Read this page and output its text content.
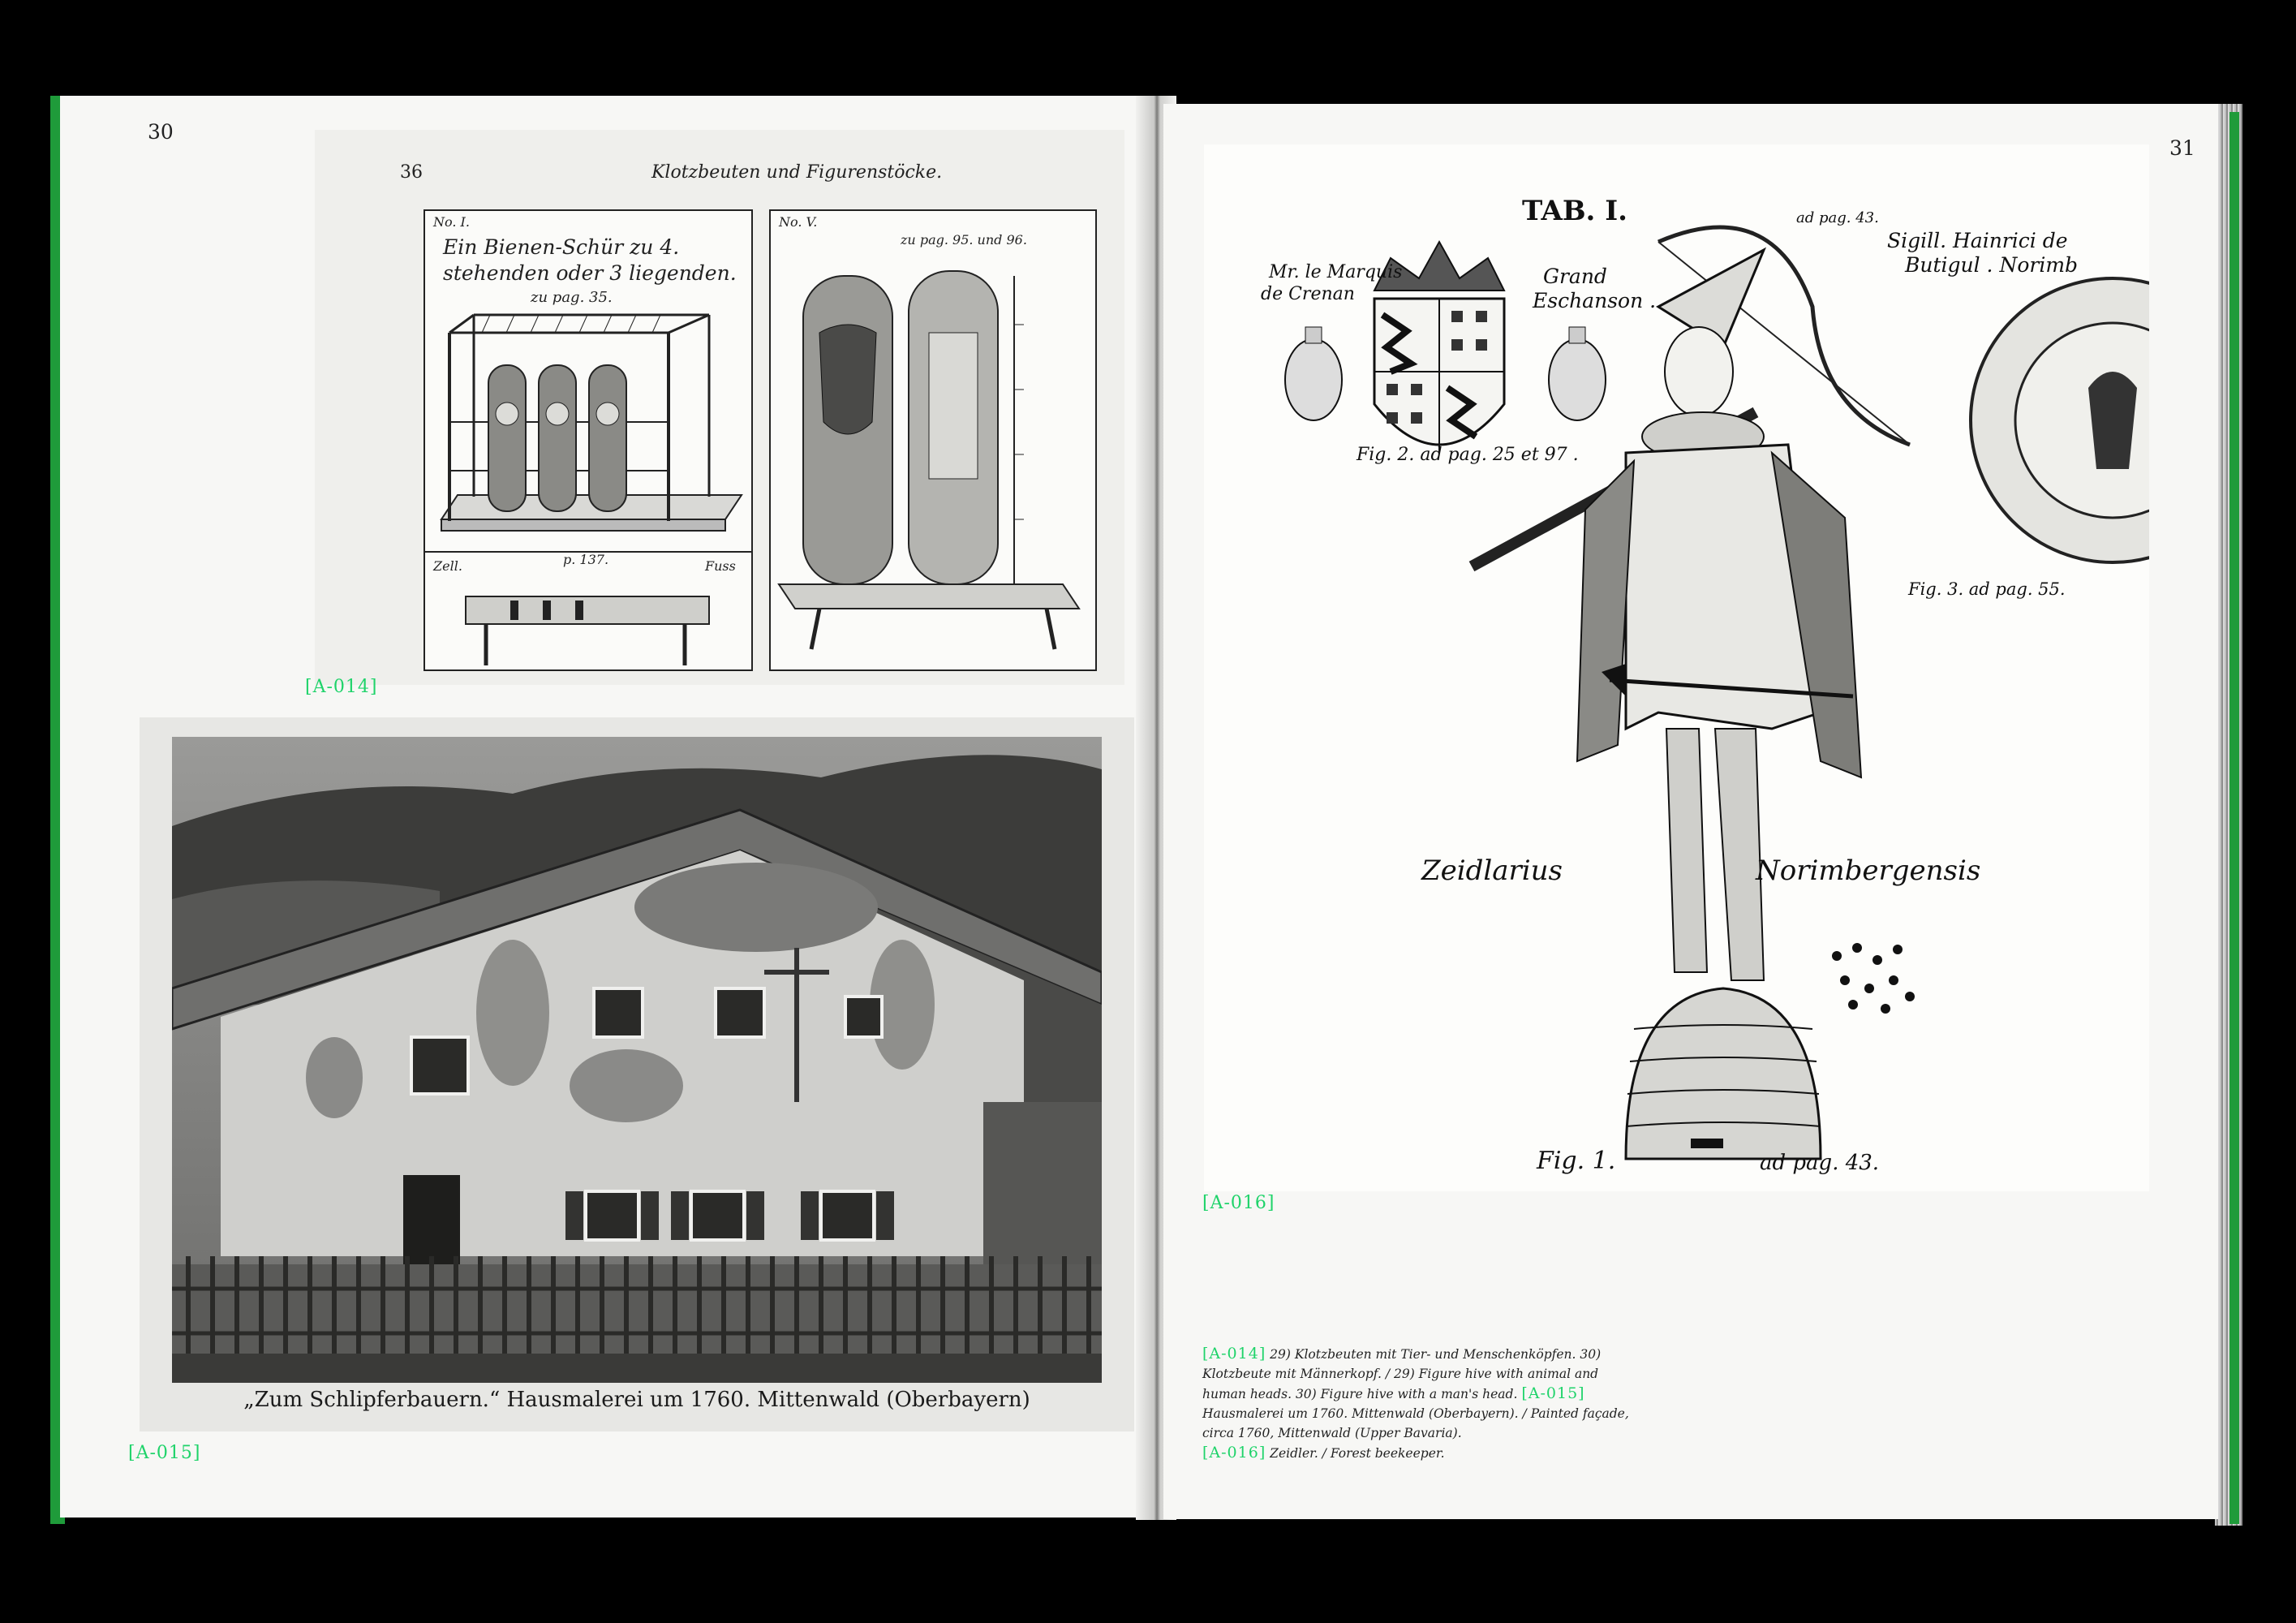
30
36	Klotzbeuten und Figurenstöcke.
No. I.
Ein Bienen-Schür zu 4.
stehenden oder 3 liegenden.
zu pag. 35.
Zell.	p. 137.	Fuss
No. V.
zu pag. 95. und 96.
[A-014]
„Zum Schlipferbauern.“ Hausmalerei um 1760. Mittenwald (Oberbayern)
[A-015]
31
TAB. I.
Mr. le Marquis
de Crenan
Grand
Eschanson .
Fig. 2. ad pag. 25 et 97 .
ad pag. 43.
Sigill. Hainrici de
Butigul . Norimb
Fig. 3. ad pag. 55.
Zeidlarius	Norimbergensis
Fig. 1.	ad pag. 43.
[A-016]
[A-014] 29) Klotzbeuten mit Tier- und Menschenköpfen. 30) Klotzbeute mit Männerkopf. / 29) Figure hive with animal and human heads. 30) Figure hive with a man's head. [A-015] Hausmalerei um 1760. Mittenwald (Oberbayern). / Painted façade, circa 1760, Mittenwald (Upper Bavaria).
[A-016] Zeidler. / Forest beekeeper.
